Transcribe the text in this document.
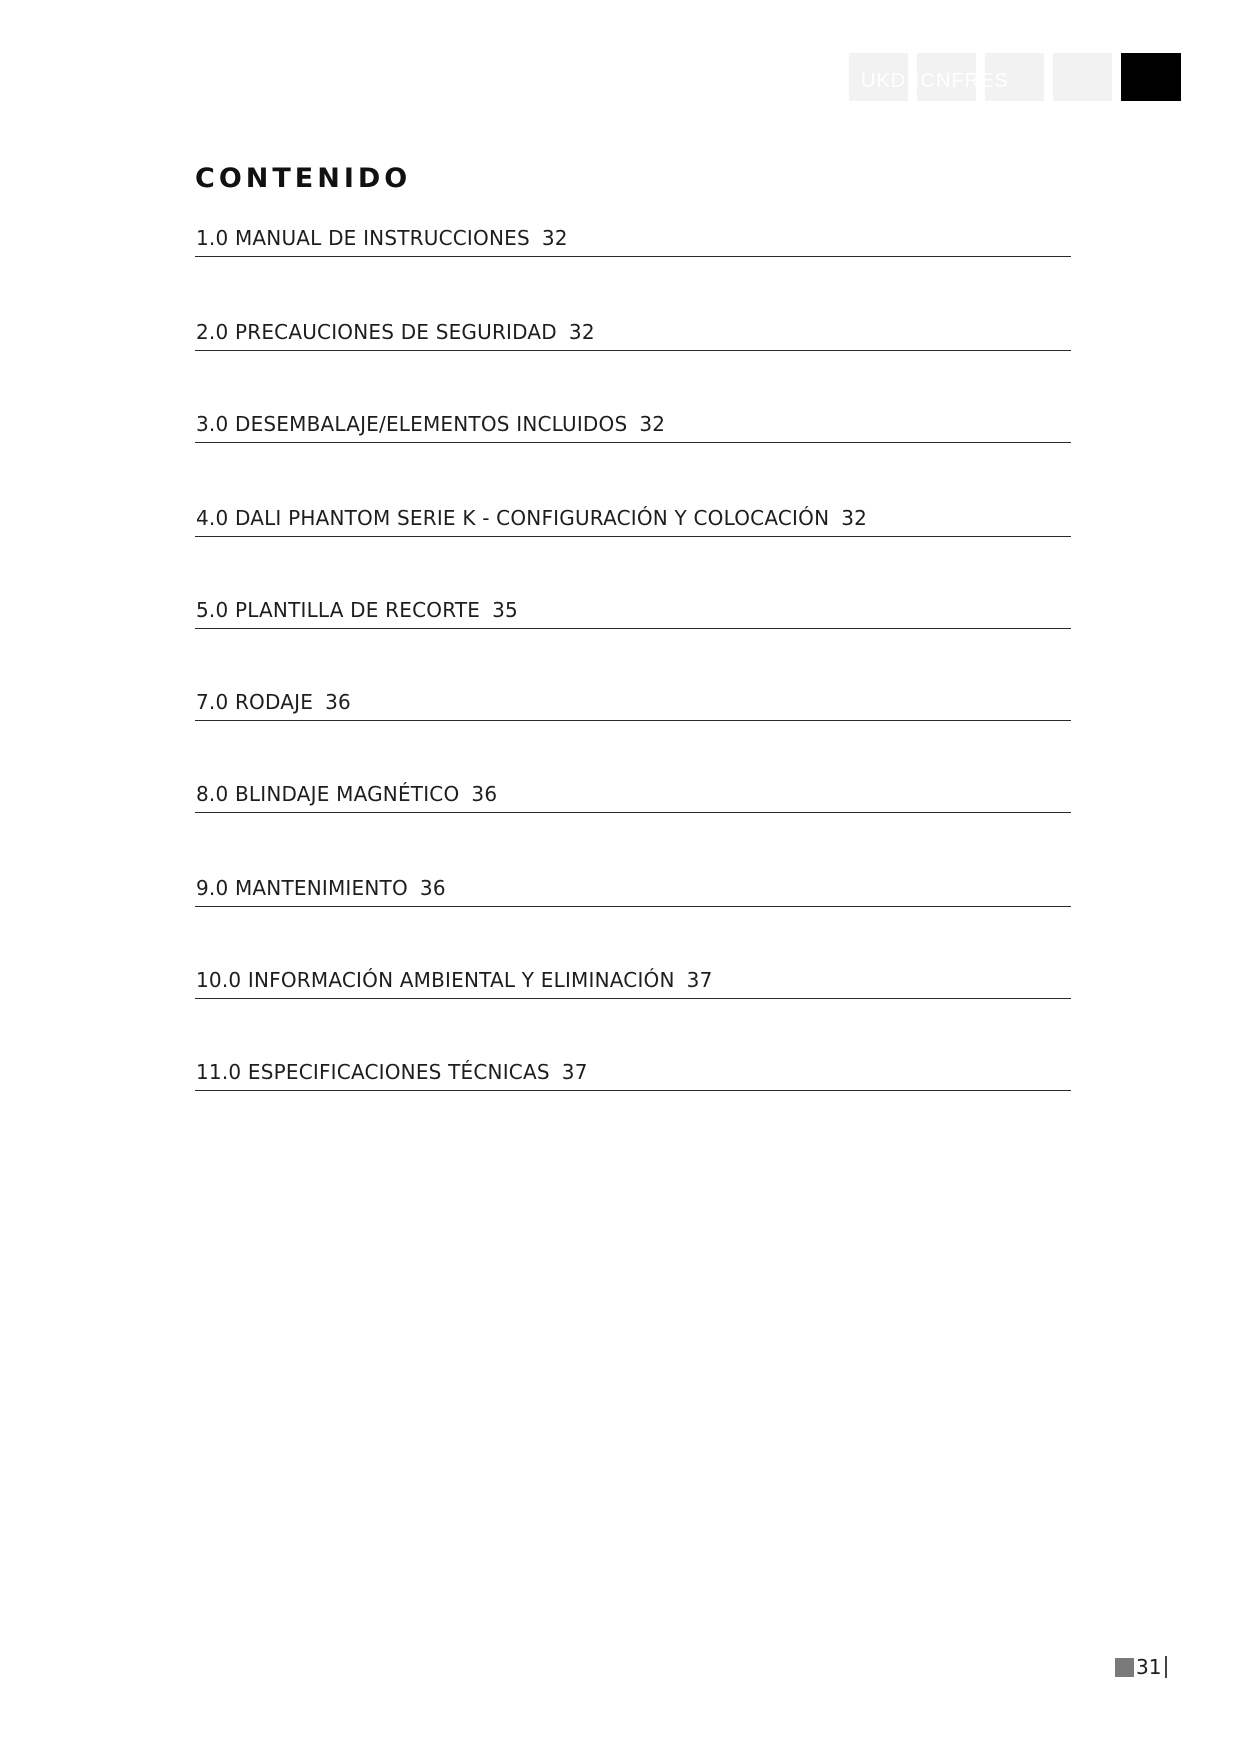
UKDECNFRES
CONTENIDO
1.0 MANUAL DE INSTRUCCIONES 32
2.0 PRECAUCIONES DE SEGURIDAD 32
3.0 DESEMBALAJE/ELEMENTOS INCLUIDOS 32
4.0 DALI PHANTOM SERIE K - CONFIGURACIÓN Y COLOCACIÓN 32
5.0 PLANTILLA DE RECORTE 35
7.0 RODAJE 36
8.0 BLINDAJE MAGNÉTICO 36
9.0 MANTENIMIENTO 36
10.0 INFORMACIÓN AMBIENTAL Y ELIMINACIÓN 37
11.0 ESPECIFICACIONES TÉCNICAS 37
31
